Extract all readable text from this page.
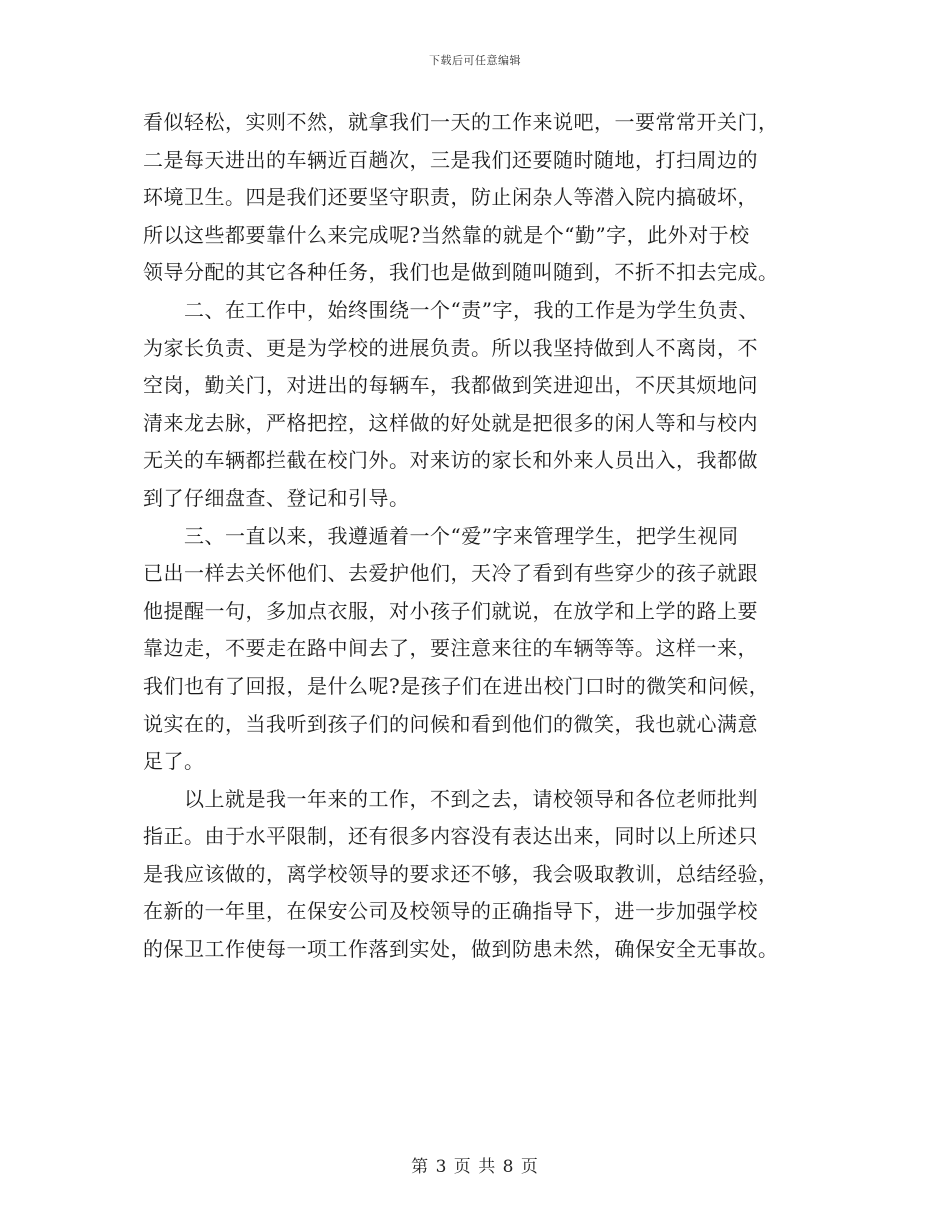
下载后可任意编辑
看似轻松，实则不然，就拿我们一天的工作来说吧，一要常常开关门，
二是每天进出的车辆近百趟次，三是我们还要随时随地，打扫周边的
环境卫生。四是我们还要坚守职责，防止闲杂人等潜入院内搞破坏，
所以这些都要靠什么来完成呢?当然靠的就是个“勤”字，此外对于校
领导分配的其它各种任务，我们也是做到随叫随到，不折不扣去完成。
　　二、在工作中，始终围绕一个“责”字，我的工作是为学生负责、
为家长负责、更是为学校的进展负责。所以我坚持做到人不离岗，不
空岗，勤关门，对进出的每辆车，我都做到笑进迎出，不厌其烦地问
清来龙去脉，严格把控，这样做的好处就是把很多的闲人等和与校内
无关的车辆都拦截在校门外。对来访的家长和外来人员出入，我都做
到了仔细盘查、登记和引导。
　　三、一直以来，我遵遁着一个“爱”字来管理学生，把学生视同
已出一样去关怀他们、去爱护他们，天冷了看到有些穿少的孩子就跟
他提醒一句，多加点衣服，对小孩子们就说，在放学和上学的路上要
靠边走，不要走在路中间去了，要注意来往的车辆等等。这样一来，
我们也有了回报，是什么呢?是孩子们在进出校门口时的微笑和问候，
说实在的，当我听到孩子们的问候和看到他们的微笑，我也就心满意
足了。
　　以上就是我一年来的工作，不到之去，请校领导和各位老师批判
指正。由于水平限制，还有很多内容没有表达出来，同时以上所述只
是我应该做的，离学校领导的要求还不够，我会吸取教训，总结经验，
在新的一年里，在保安公司及校领导的正确指导下，进一步加强学校
的保卫工作使每一项工作落到实处，做到防患未然，确保安全无事故。
第 3 页 共 8 页
